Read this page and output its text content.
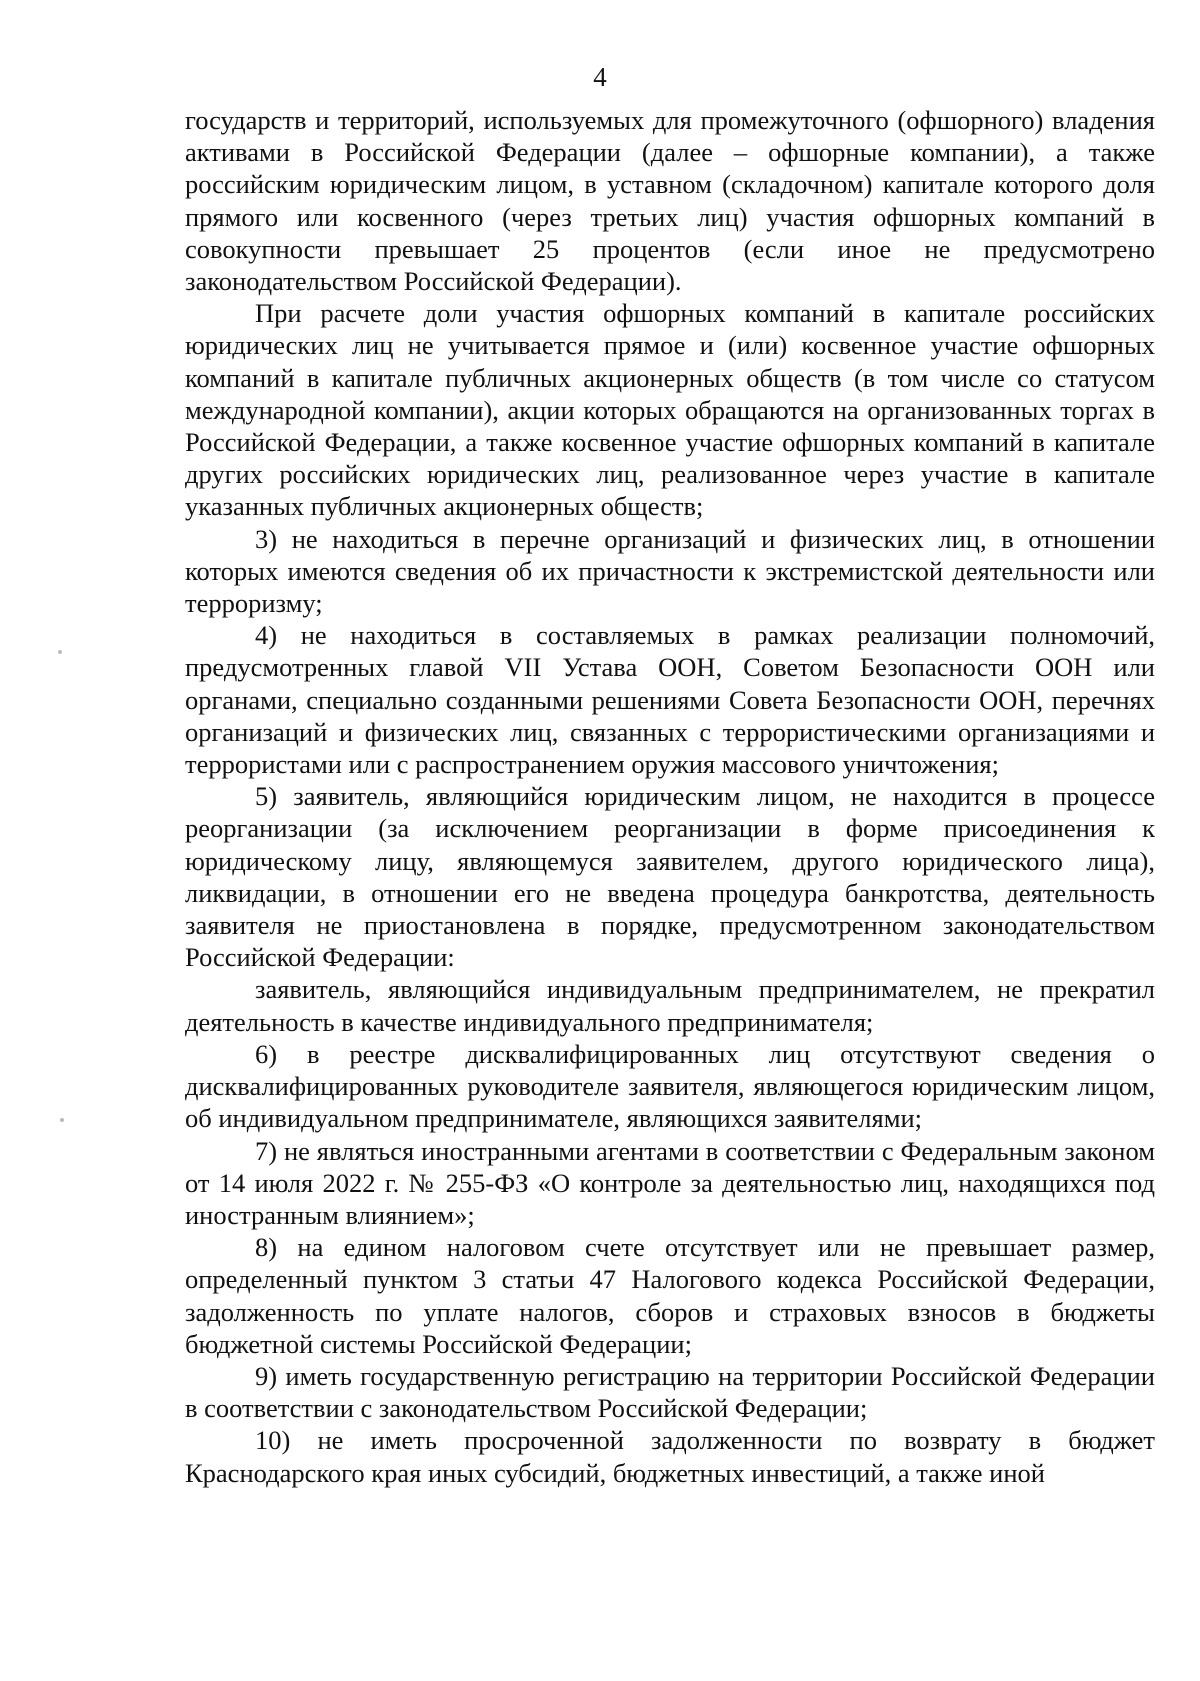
4

государств и территорий, используемых для промежуточного (офшорного) владения активами в Российской Федерации (далее – офшорные компании), а также российским юридическим лицом, в уставном (складочном) капитале которого доля прямого или косвенного (через третьих лиц) участия офшорных компаний в совокупности превышает 25 процентов (если иное не предусмотрено законодательством Российской Федерации).

При расчете доли участия офшорных компаний в капитале российских юридических лиц не учитывается прямое и (или) косвенное участие офшорных компаний в капитале публичных акционерных обществ (в том числе со статусом международной компании), акции которых обращаются на организованных торгах в Российской Федерации, а также косвенное участие офшорных компаний в капитале других российских юридических лиц, реализованное через участие в капитале указанных публичных акционерных обществ;

3) не находиться в перечне организаций и физических лиц, в отношении которых имеются сведения об их причастности к экстремистской деятельности или терроризму;

4) не находиться в составляемых в рамках реализации полномочий, предусмотренных главой VII Устава ООН, Советом Безопасности ООН или органами, специально созданными решениями Совета Безопасности ООН, перечнях организаций и физических лиц, связанных с террористическими организациями и террористами или с распространением оружия массового уничтожения;

5) заявитель, являющийся юридическим лицом, не находится в процессе реорганизации (за исключением реорганизации в форме присоединения к юридическому лицу, являющемуся заявителем, другого юридического лица), ликвидации, в отношении его не введена процедура банкротства, деятельность заявителя не приостановлена в порядке, предусмотренном законодательством Российской Федерации:

заявитель, являющийся индивидуальным предпринимателем, не прекратил деятельность в качестве индивидуального предпринимателя;

6) в реестре дисквалифицированных лиц отсутствуют сведения о дисквалифицированных руководителе заявителя, являющегося юридическим лицом, об индивидуальном предпринимателе, являющихся заявителями;

7) не являться иностранными агентами в соответствии с Федеральным законом от 14 июля 2022 г. № 255-ФЗ «О контроле за деятельностью лиц, находящихся под иностранным влиянием»;

8) на едином налоговом счете отсутствует или не превышает размер, определенный пунктом 3 статьи 47 Налогового кодекса Российской Федерации, задолженность по уплате налогов, сборов и страховых взносов в бюджеты бюджетной системы Российской Федерации;

9) иметь государственную регистрацию на территории Российской Федерации в соответствии с законодательством Российской Федерации;

10) не иметь просроченной задолженности по возврату в бюджет Краснодарского края иных субсидий, бюджетных инвестиций, а также иной
